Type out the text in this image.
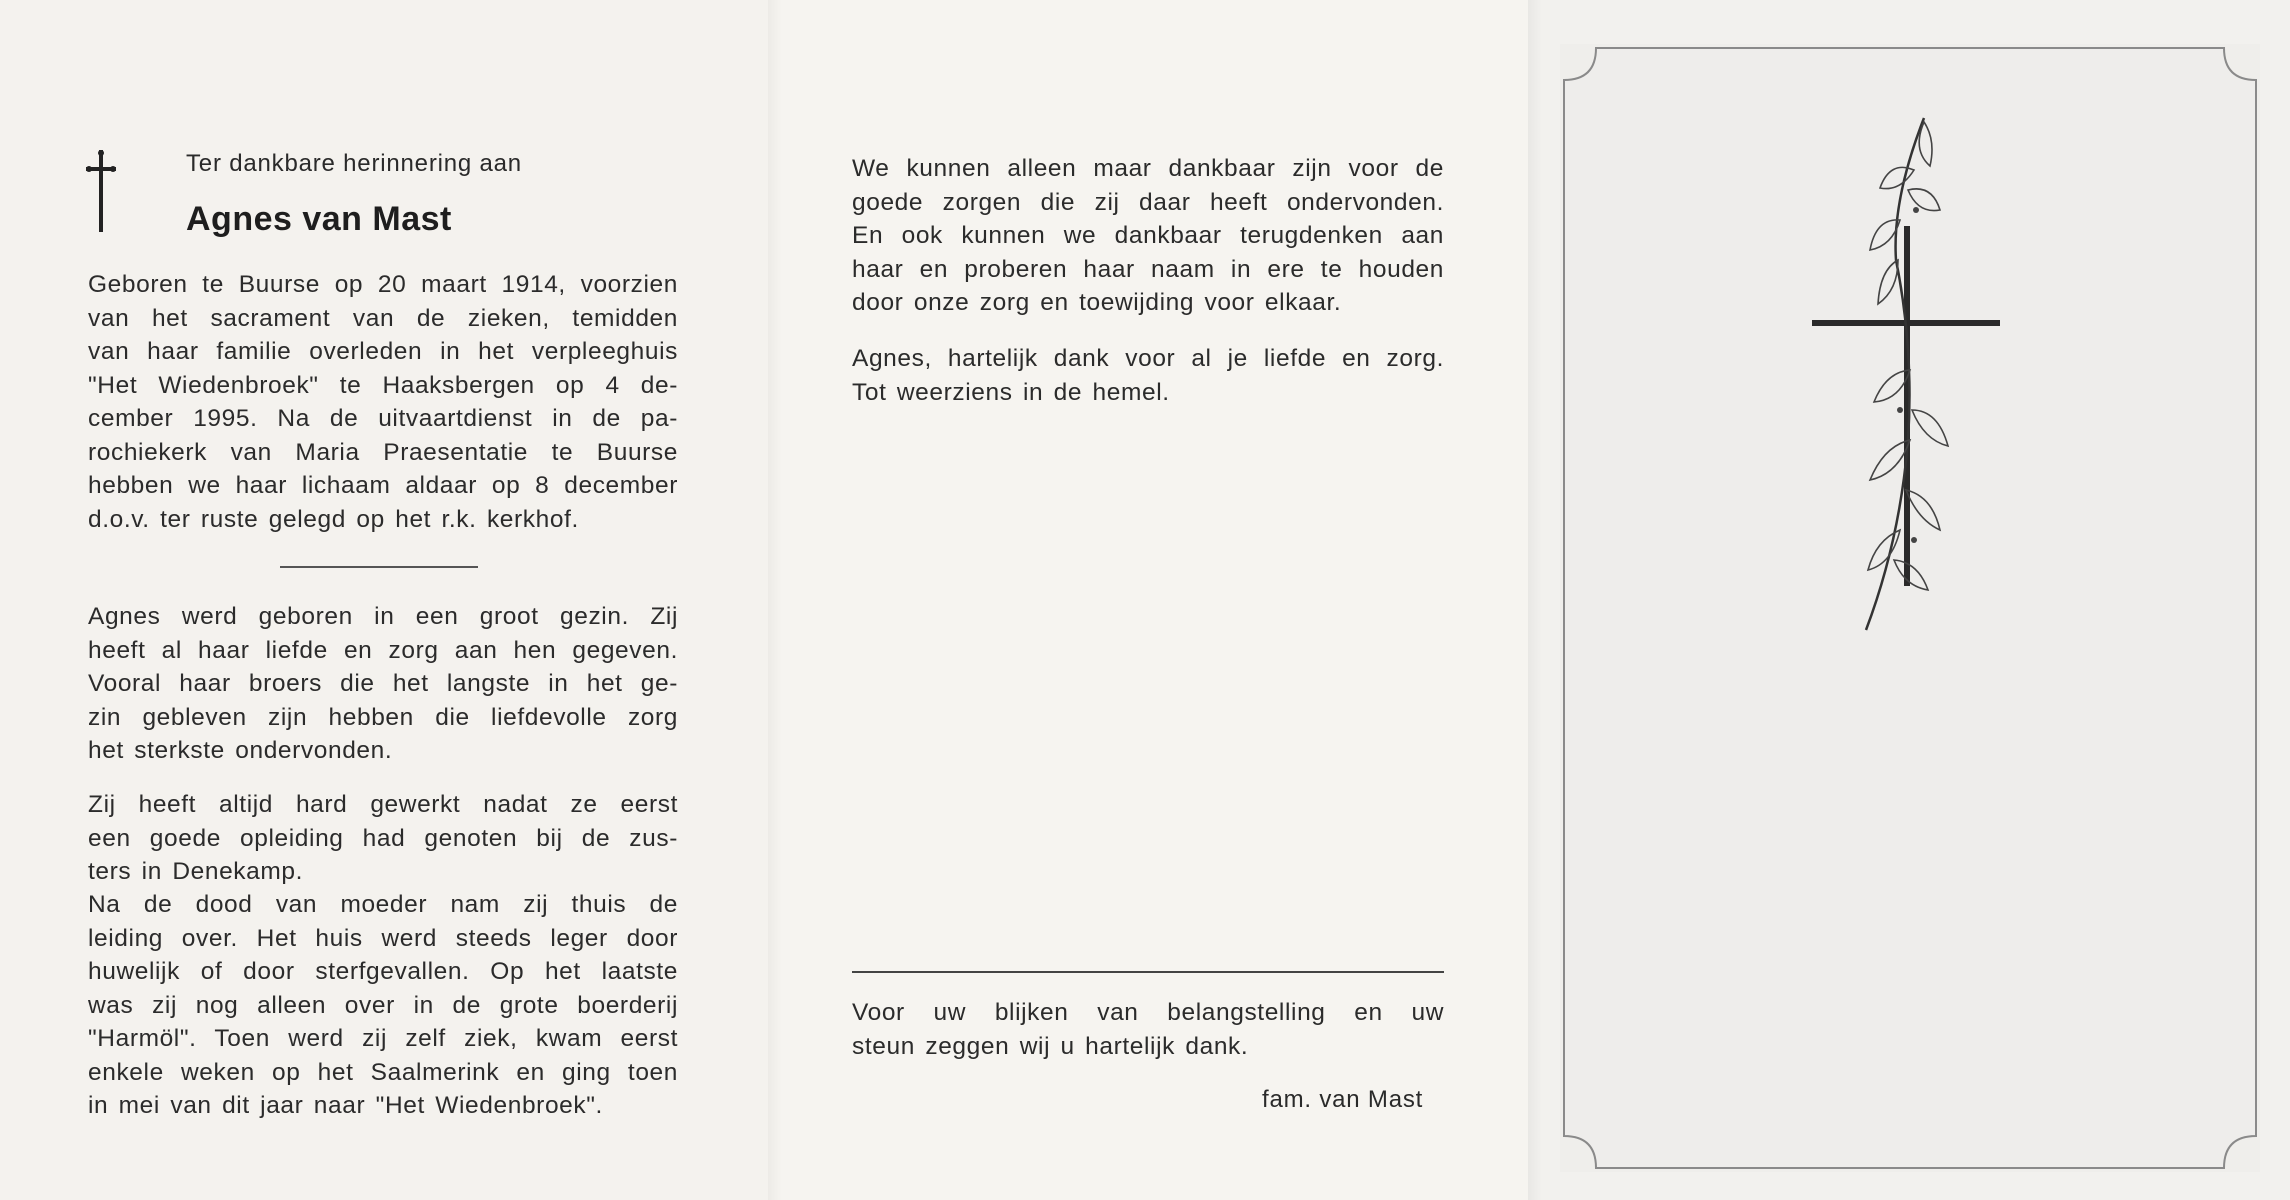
Ter dankbare herinnering aan
Agnes van Mast
Geboren te Buurse op 20 maart 1914, voorzien
van het sacrament van de zieken, temidden
van haar familie overleden in het verpleeghuis
"Het Wiedenbroek" te Haaksbergen op 4 de-
cember 1995. Na de uitvaartdienst in de pa-
rochiekerk van Maria Praesentatie te Buurse
hebben we haar lichaam aldaar op 8 december
d.o.v. ter ruste gelegd op het r.k. kerkhof.
Agnes werd geboren in een groot gezin. Zij
heeft al haar liefde en zorg aan hen gegeven.
Vooral haar broers die het langste in het ge-
zin gebleven zijn hebben die liefdevolle zorg
het sterkste ondervonden.
Zij heeft altijd hard gewerkt nadat ze eerst
een goede opleiding had genoten bij de zus-
ters in Denekamp.
Na de dood van moeder nam zij thuis de
leiding over. Het huis werd steeds leger door
huwelijk of door sterfgevallen. Op het laatste
was zij nog alleen over in de grote boerderij
"Harmöl". Toen werd zij zelf ziek, kwam eerst
enkele weken op het Saalmerink en ging toen
in mei van dit jaar naar "Het Wiedenbroek".
We kunnen alleen maar dankbaar zijn voor de
goede zorgen die zij daar heeft ondervonden.
En ook kunnen we dankbaar terugdenken aan
haar en proberen haar naam in ere te houden
door onze zorg en toewijding voor elkaar.
Agnes, hartelijk dank voor al je liefde en zorg.
Tot weerziens in de hemel.
Voor uw blijken van belangstelling en uw
steun zeggen wij u hartelijk dank.
fam. van Mast
